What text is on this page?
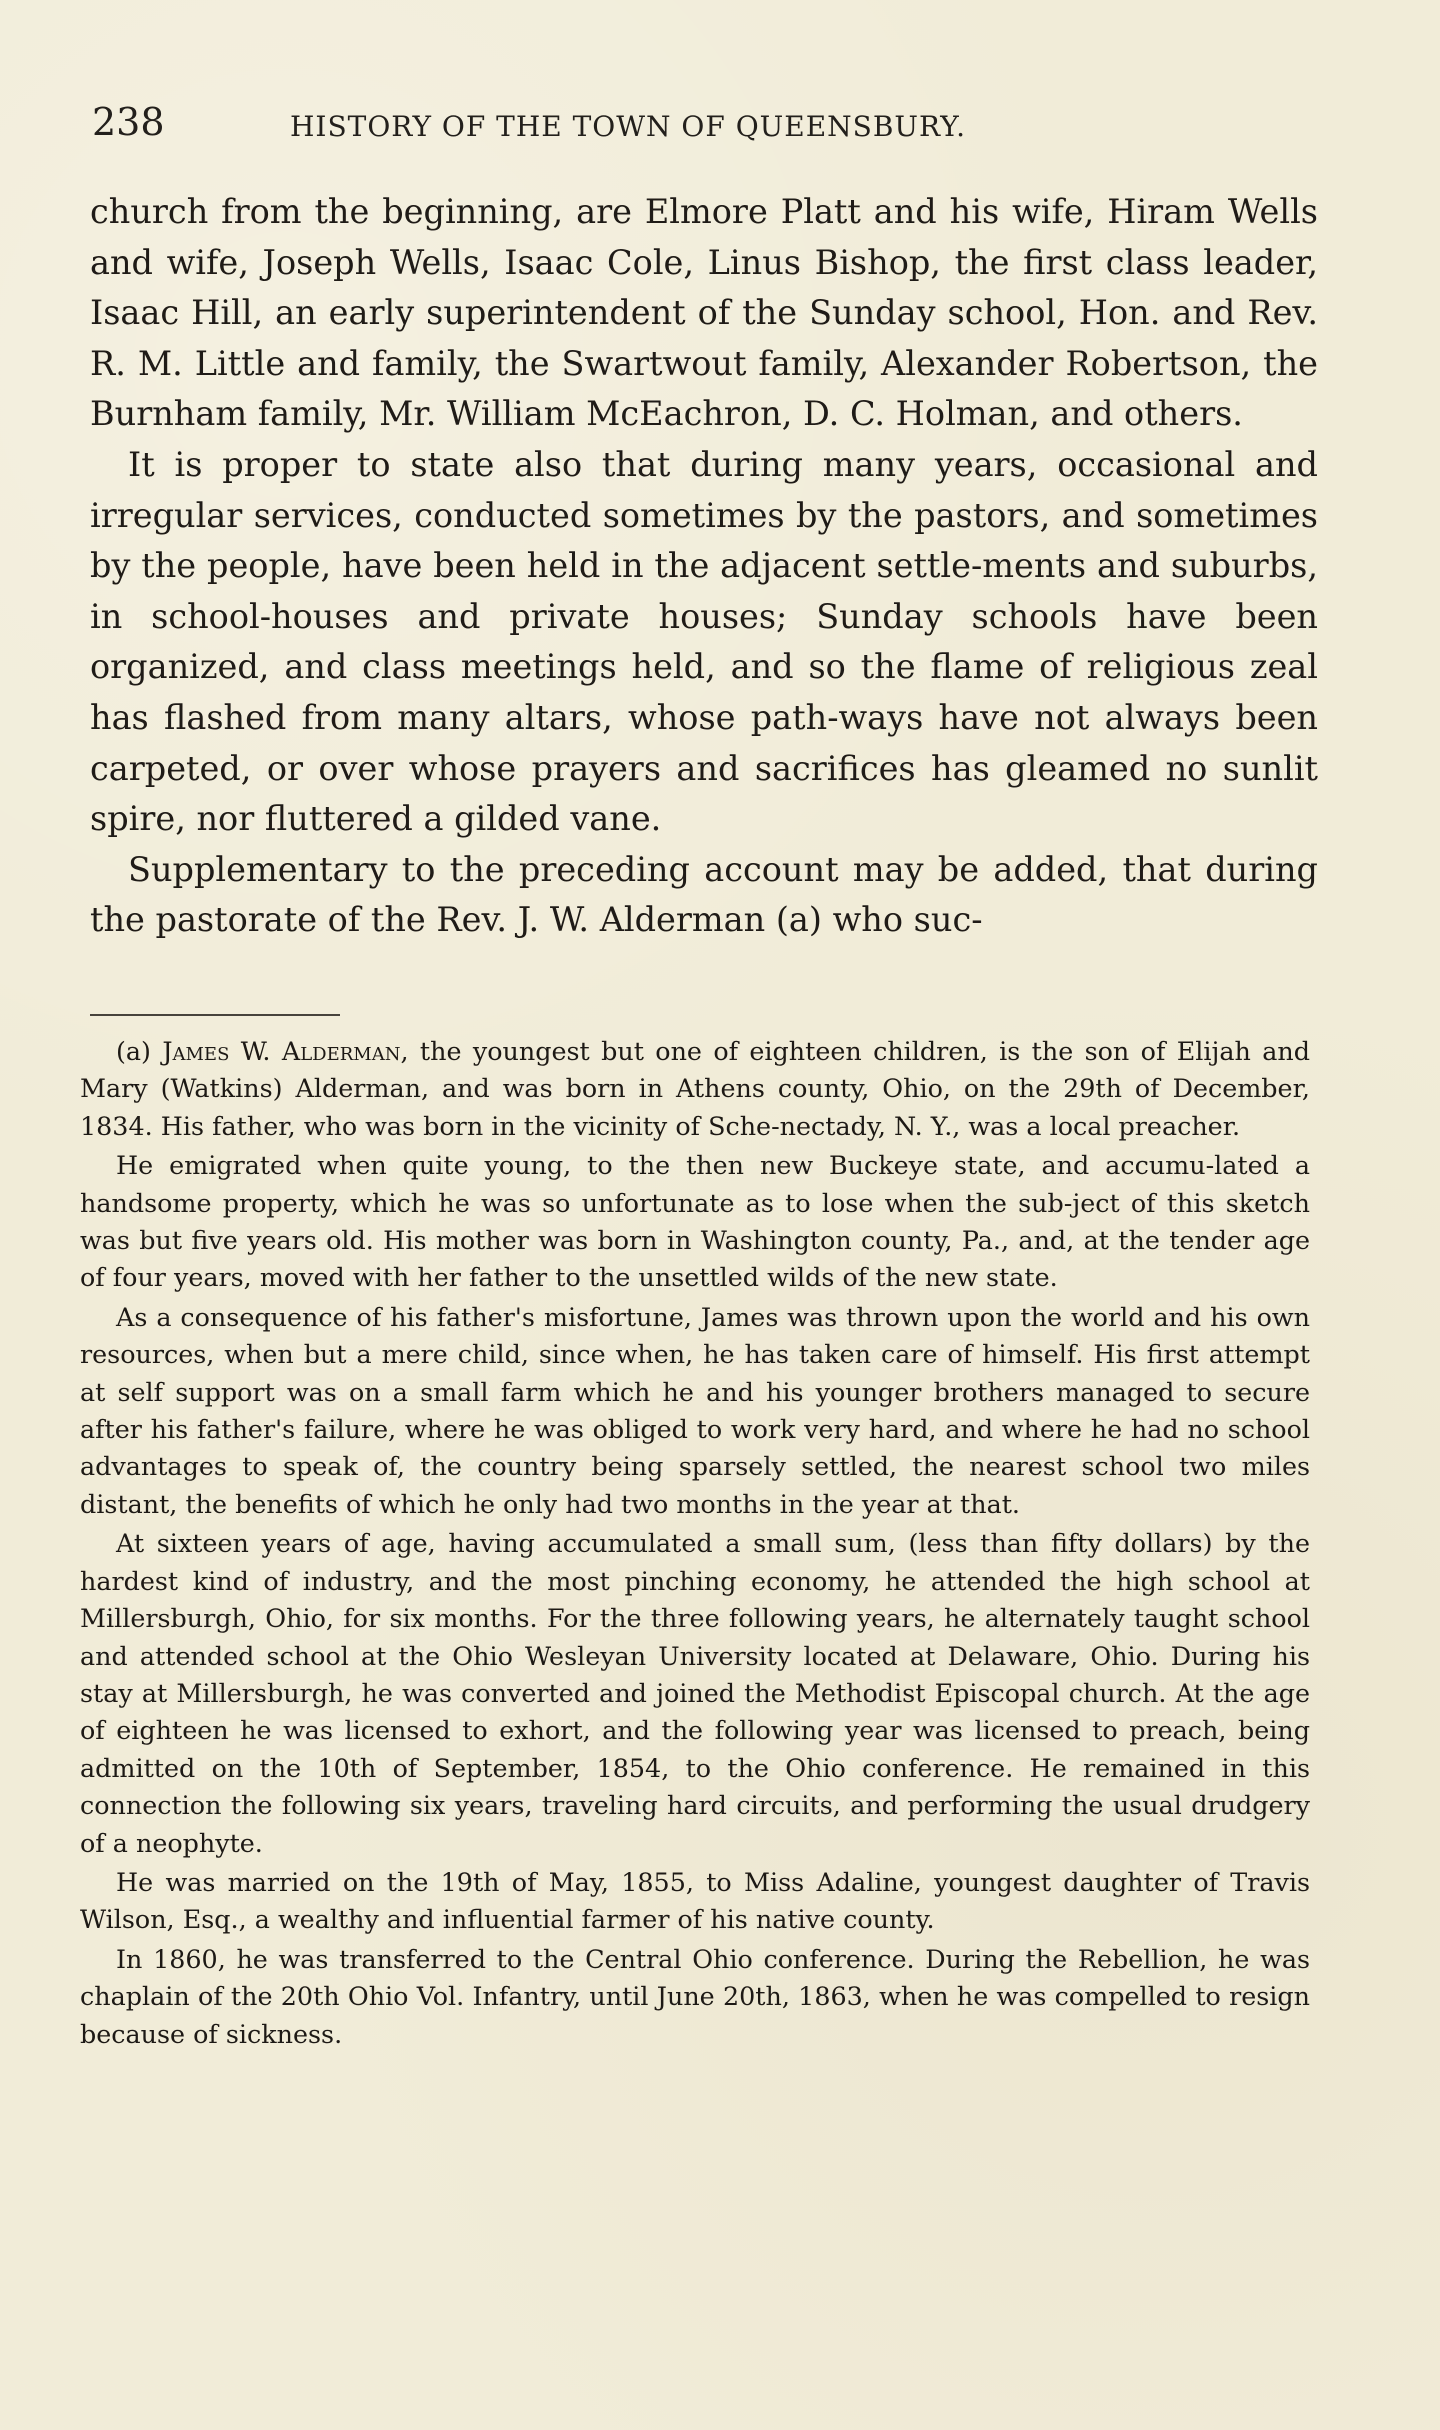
238	HISTORY OF THE TOWN OF QUEENSBURY.

church from the beginning, are Elmore Platt and his wife, Hiram Wells and wife, Joseph Wells, Isaac Cole, Linus Bishop, the first class leader, Isaac Hill, an early superintendent of the Sunday school, Hon. and Rev. R. M. Little and family, the Swartwout family, Alexander Robertson, the Burnham family, Mr. William McEachron, D. C. Holman, and others.

It is proper to state also that during many years, occasional and irregular services, conducted sometimes by the pastors, and sometimes by the people, have been held in the adjacent settle-ments and suburbs, in school-houses and private houses; Sunday schools have been organized, and class meetings held, and so the flame of religious zeal has flashed from many altars, whose path-ways have not always been carpeted, or over whose prayers and sacrifices has gleamed no sunlit spire, nor fluttered a gilded vane.

Supplementary to the preceding account may be added, that during the pastorate of the Rev. J. W. Alderman (a) who suc-

(a) James W. Alderman, the youngest but one of eighteen children, is the son of Elijah and Mary (Watkins) Alderman, and was born in Athens county, Ohio, on the 29th of December, 1834. His father, who was born in the vicinity of Sche-nectady, N. Y., was a local preacher.

He emigrated when quite young, to the then new Buckeye state, and accumu-lated a handsome property, which he was so unfortunate as to lose when the sub-ject of this sketch was but five years old. His mother was born in Washington county, Pa., and, at the tender age of four years, moved with her father to the unsettled wilds of the new state.

As a consequence of his father's misfortune, James was thrown upon the world and his own resources, when but a mere child, since when, he has taken care of himself. His first attempt at self support was on a small farm which he and his younger brothers managed to secure after his father's failure, where he was obliged to work very hard, and where he had no school advantages to speak of, the country being sparsely settled, the nearest school two miles distant, the benefits of which he only had two months in the year at that.

At sixteen years of age, having accumulated a small sum, (less than fifty dollars) by the hardest kind of industry, and the most pinching economy, he attended the high school at Millersburgh, Ohio, for six months. For the three following years, he alternately taught school and attended school at the Ohio Wesleyan University located at Delaware, Ohio. During his stay at Millersburgh, he was converted and joined the Methodist Episcopal church. At the age of eighteen he was licensed to exhort, and the following year was licensed to preach, being admitted on the 10th of September, 1854, to the Ohio conference. He remained in this connection the following six years, traveling hard circuits, and performing the usual drudgery of a neophyte.

He was married on the 19th of May, 1855, to Miss Adaline, youngest daughter of Travis Wilson, Esq., a wealthy and influential farmer of his native county.

In 1860, he was transferred to the Central Ohio conference. During the Rebellion, he was chaplain of the 20th Ohio Vol. Infantry, until June 20th, 1863, when he was compelled to resign because of sickness.
